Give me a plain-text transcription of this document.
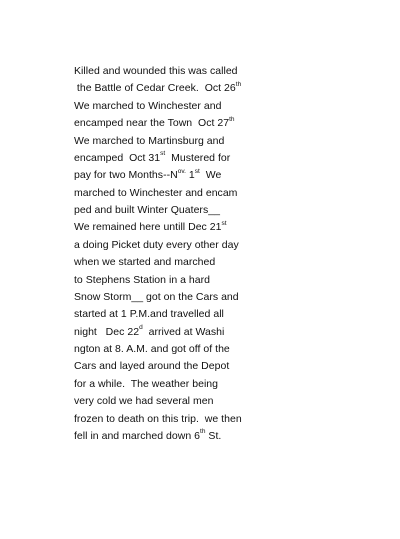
Killed and wounded this was called
the Battle of Cedar Creek.  Oct 26th
We marched to Winchester and
encamped near the Town  Oct 27th
We marched to Martinsburg and
encamped  Oct 31st  Mustered for
pay for two Months-$-N^{ov.}$ 1st  We
marched to Winchester and encam
ped and built Winter Quaters__
We remained here untill Dec 21st
a doing Picket duty every other day
when we started and marched
to Stephens Station in a hard
Snow Storm__ got on the Cars and
started at 1 P.M.and travelled all
night   Dec 22$^d$  arrived at Washi
ngton at 8. A.M. and got off of the
Cars and layed around the Depot
for a while.  The weather being
very cold we had several men
frozen to death on this trip.  we then
fell in and marched down 6th St.
